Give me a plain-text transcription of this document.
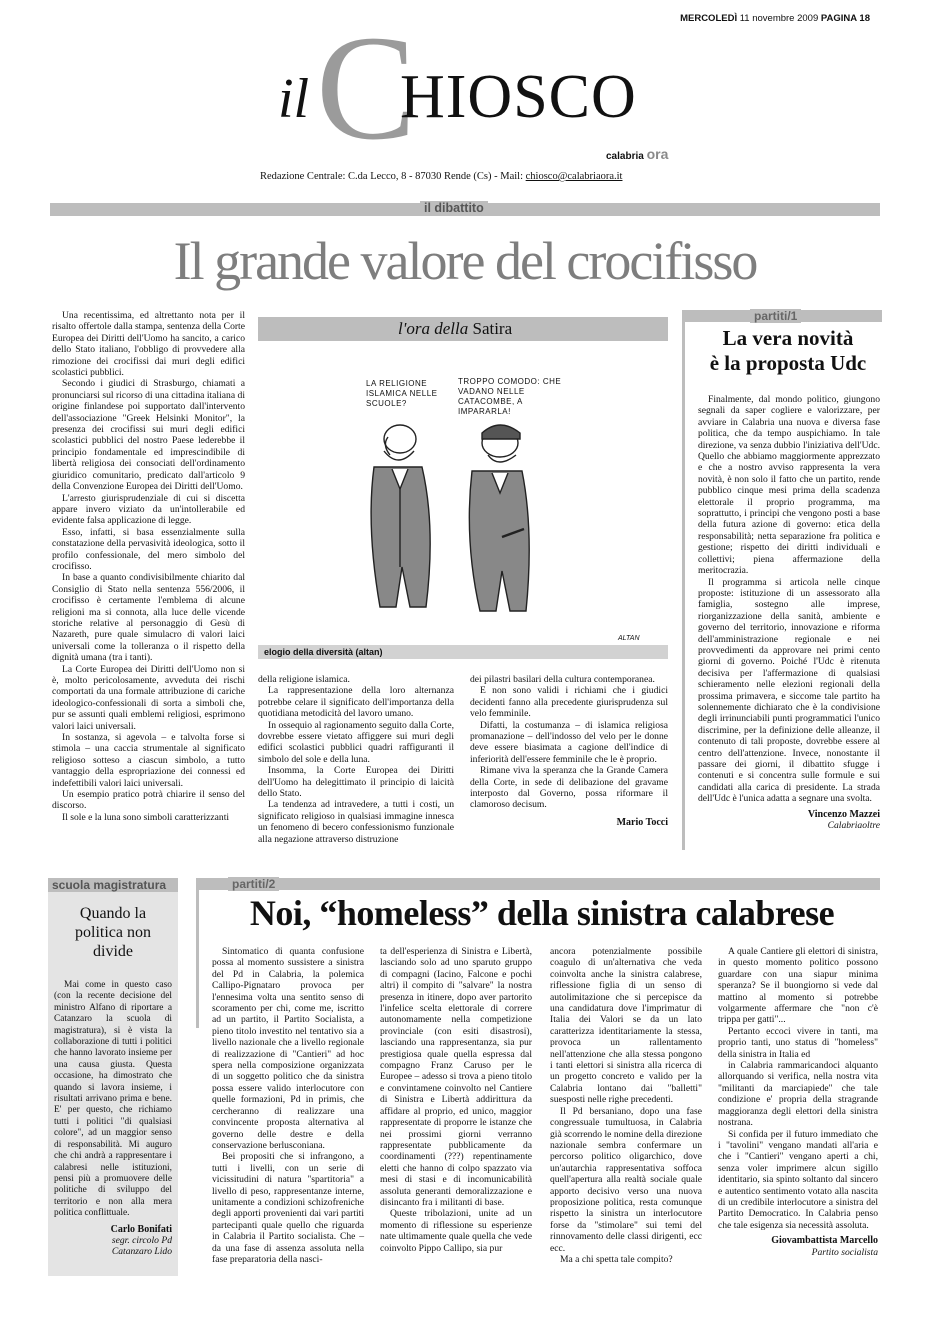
MERCOLEDÌ 11 novembre 2009 PAGINA 18
il C
HIOSCO
calabria ora
Redazione Centrale: C.da Lecco, 8 - 87030 Rende (Cs) - Mail: chiosco@calabriaora.it
il dibattito
Il grande valore del crocifisso

Una recentissima, ed altrettanto nota per il risalto offertole dalla stampa, sentenza della Corte Europea dei Diritti dell'Uomo ha sancito, a carico dello Stato italiano, l'obbligo di provvedere alla rimozione dei crocifissi dai muri degli edifici scolastici pubblici.

Secondo i giudici di Strasburgo, chiamati a pronunciarsi sul ricorso di una cittadina italiana di origine finlandese poi supportato dall'intervento dell'associazione "Greek Helsinki Monitor", la presenza dei crocifissi sui muri degli edifici scolastici pubblici del nostro Paese lederebbe il principio fondamentale ed imprescindibile di libertà religiosa dei consociati dell'ordinamento giuridico comunitario, predicato dall'articolo 9 della Convenzione Europea dei Diritti dell'Uomo.

L'arresto giurisprudenziale di cui si discetta appare invero viziato da un'intollerabile ed evidente falsa applicazione di legge.

Esso, infatti, si basa essenzialmente sulla constatazione della pervasività ideologica, sotto il profilo confessionale, del mero simbolo del crocifisso.

In base a quanto condivisibilmente chiarito dal Consiglio di Stato nella sentenza 556/2006, il crocifisso è certamente l'emblema di alcune religioni ma si connota, alla luce delle vicende storiche relative al personaggio di Gesù di Nazareth, pure quale simulacro di valori laici universali come la tolleranza o il rispetto della dignità umana (tra i tanti).

La Corte Europea dei Diritti dell'Uomo non si è, molto pericolosamente, avveduta dei rischi comportati da una formale attribuzione di cariche ideologico-confessionali di sorta a simboli che, pur se assunti quali emblemi religiosi, esprimono valori laici universali.

In sostanza, si agevola – e talvolta forse si stimola – una caccia strumentale al significato religioso sotteso a ciascun simbolo, a tutto vantaggio della espropriazione dei connessi ed indefettibili valori laici universali.

Un esempio pratico potrà chiarire il senso del discorso.

Il sole e la luna sono simboli caratterizzanti

l'ora della Satira
LA RELIGIONE ISLAMICA NELLE SCUOLE?
TROPPO COMODO: CHE VADANO NELLE CATACOMBE, A IMPARARLA!
ALTAN
elogio della diversità (altan)

della religione islamica.

La rappresentazione della loro alternanza potrebbe celare il significato dell'importanza della quotidiana metodicità del lavoro umano.

In ossequio al ragionamento seguito dalla Corte, dovrebbe essere vietato affiggere sui muri degli edifici scolastici pubblici quadri raffiguranti il simbolo del sole e della luna.

Insomma, la Corte Europea dei Diritti dell'Uomo ha delegittimato il principio di laicità dello Stato.

La tendenza ad intravedere, a tutti i costi, un significato religioso in qualsiasi immagine innesca un fenomeno di becero confessionismo funzionale alla negazione attraverso distruzione

dei pilastri basilari della cultura contemporanea.

E non sono validi i richiami che i giudici decidenti fanno alla precedente giurisprudenza sul velo femminile.

Difatti, la costumanza – di islamica religiosa promanazione – dell'indosso del velo per le donne deve essere biasimata a cagione dell'indice di inferiorità dell'essere femminile che le è proprio.

Rimane viva la speranza che la Grande Camera della Corte, in sede di delibazione del gravame interposto dal Governo, possa riformare il clamoroso decisum.

Mario Tocci
partiti/1
La vera novità
è la proposta Udc

Finalmente, dal mondo politico, giungono segnali da saper cogliere e valorizzare, per avviare in Calabria una nuova e diversa fase politica, che da tempo auspichiamo. In tale direzione, va senza dubbio l'iniziativa dell'Udc. Quello che abbiamo maggiormente apprezzato e che a nostro avviso rappresenta la vera novità, è non solo il fatto che un partito, rende pubblico cinque mesi prima della scadenza elettorale il proprio programma, ma soprattutto, i principi che vengono posti a base della futura azione di governo: etica della responsabilità; netta separazione fra politica e gestione; rispetto dei diritti individuali e collettivi; piena affermazione della meritocrazia.

Il programma si articola nelle cinque proposte: istituzione di un assessorato alla famiglia, sostegno alle imprese, riorganizzazione della sanità, ambiente e governo del territorio, innovazione e riforma dell'amministrazione regionale e nei provvedimenti da approvare nei primi cento giorni di governo. Poiché l'Udc è ritenuta decisiva per l'affermazione di qualsiasi schieramento nelle elezioni regionali della prossima primavera, e siccome tale partito ha solennemente dichiarato che è la condivisione degli irrinunciabili punti programmatici l'unico discrimine, per la definizione delle alleanze, il contenuto di tali proposte, dovrebbe essere al centro dell'attenzione. Invece, nonostante il passare dei giorni, il dibattito sfugge i contenuti e si concentra sulle formule e sui candidati alla carica di presidente. La strada dell'Udc è l'unica adatta a segnare una svolta.

Vincenzo Mazzei
Calabriaoltre
scuola magistratura
Quando la politica non divide

Mai come in questo caso (con la recente decisione del ministro Alfano di riportare a Catanzaro la scuola di magistratura), si è vista la collaborazione di tutti i politici che hanno lavorato insieme per una causa giusta. Questa occasione, ha dimostrato che quando si lavora insieme, i risultati arrivano prima e bene. E' per questo, che richiamo tutti i politici "di qualsiasi colore", ad un maggior senso di responsabilità. Mi auguro che chi andrà a rappresentare i calabresi nelle istituzioni, pensi più a promuovere delle politiche di sviluppo del territorio e non alla mera politica conflittuale.

Carlo Bonifati
segr. circolo Pd
Catanzaro Lido
partiti/2
Noi, “homeless” della sinistra calabrese

Sintomatico di quanta confusione possa al momento sussistere a sinistra del Pd in Calabria, la polemica Callipo-Pignataro provoca per l'ennesima volta una sentito senso di scoramento per chi, come me, iscritto ad un partito, il Partito Socialista, a pieno titolo investito nel tentativo sia a livello nazionale che a livello regionale di realizzazione di "Cantieri" ad hoc spera nella composizione organizzata di un soggetto politico che da sinistra possa essere valido interlocutore con quelle formazioni, Pd in primis, che cercheranno di realizzare una convincente proposta alternativa al governo delle destre e della conservazione berlusconiana.

Bei propositi che si infrangono, a tutti i livelli, con un serie di vicissitudini di natura "spartitoria" a livello di peso, rappresentanze interne, unitamente a condizioni schizofreniche degli apporti provenienti dai vari partiti partecipanti quale quello che riguarda in Calabria il Partito socialista. Che – da una fase di assenza assoluta nella fase preparatoria della nasci-

ta dell'esperienza di Sinistra e Libertà, lasciando solo ad uno sparuto gruppo di compagni (Iacino, Falcone e pochi altri) il compito di "salvare" la nostra presenza in itinere, dopo aver partorito l'infelice scelta elettorale di correre autonomamente nella competizione provinciale (con esiti disastrosi), lasciando una rappresentanza, sia pur prestigiosa quale quella espressa dal compagno Franz Caruso per le Europee – adesso si trova a pieno titolo e convintamene coinvolto nel Cantiere di Sinistra e Libertà addirittura da affidare al proprio, ed unico, maggior rappresentate di proporre le istanze che nei prossimi giorni verranno rappresentate pubblicamente da coordinamenti (???) repentinamente eletti che hanno di colpo spazzato via mesi di stasi e di incomunicabilità assoluta generanti demoralizzazione e disincanto fra i militanti di base.

Queste tribolazioni, unite ad un momento di riflessione su esperienze nate ultimamente quale quella che vede coinvolto Pippo Callipo, sia pur

ancora potenzialmente possibile coagulo di un'alternativa che veda coinvolta anche la sinistra calabrese, riflessione figlia di un senso di autolimitazione che si percepisce da una candidatura dove l'imprimatur di Italia dei Valori se da un lato caratterizza identitariamente la stessa, provoca un rallentamento nell'attenzione che alla stessa pongono i tanti elettori si sinistra alla ricerca di un progetto concreto e valido per la Calabria lontano dai "balletti" suesposti nelle righe precedenti.

Il Pd bersaniano, dopo una fase congressuale tumultuosa, in Calabria già scorrendo le nomine della direzione nazionale sembra confermare un percorso politico oligarchico, dove un'autarchia rappresentativa soffoca quell'apertura alla realtà sociale quale apporto decisivo verso una nuova proposizione politica, resta comunque rispetto la sinistra un interlocutore forse da "stimolare" sui temi del rinnovamento delle classi dirigenti, ecc ecc.

Ma a chi spetta tale compito?

A quale Cantiere gli elettori di sinistra, in questo momento politico possono guardare con una siapur minima speranza? Se il buongiorno si vede dal mattino al momento si potrebbe volgarmente affermare che "non c'è trippa per gatti"...

Pertanto eccoci vivere in tanti, ma proprio tanti, uno status di "homeless" della sinistra in Italia ed

in Calabria rammaricandoci alquanto allorquando si verifica, nella nostra vita "militanti da marciapiede" che tale condizione e' propria della stragrande maggioranza degli elettori della sinistra nostrana.

Si confida per il futuro immediato che i "tavolini" vengano mandati all'aria e che i "Cantieri" vengano aperti a chi, senza voler imprimere alcun sigillo identitario, sia spinto soltanto dal sincero e autentico sentimento votato alla nascita di un credibile interlocutore a sinistra del Partito Democratico. In Calabria penso che tale esigenza sia necessità assoluta.

Giovambattista Marcello
Partito socialista
